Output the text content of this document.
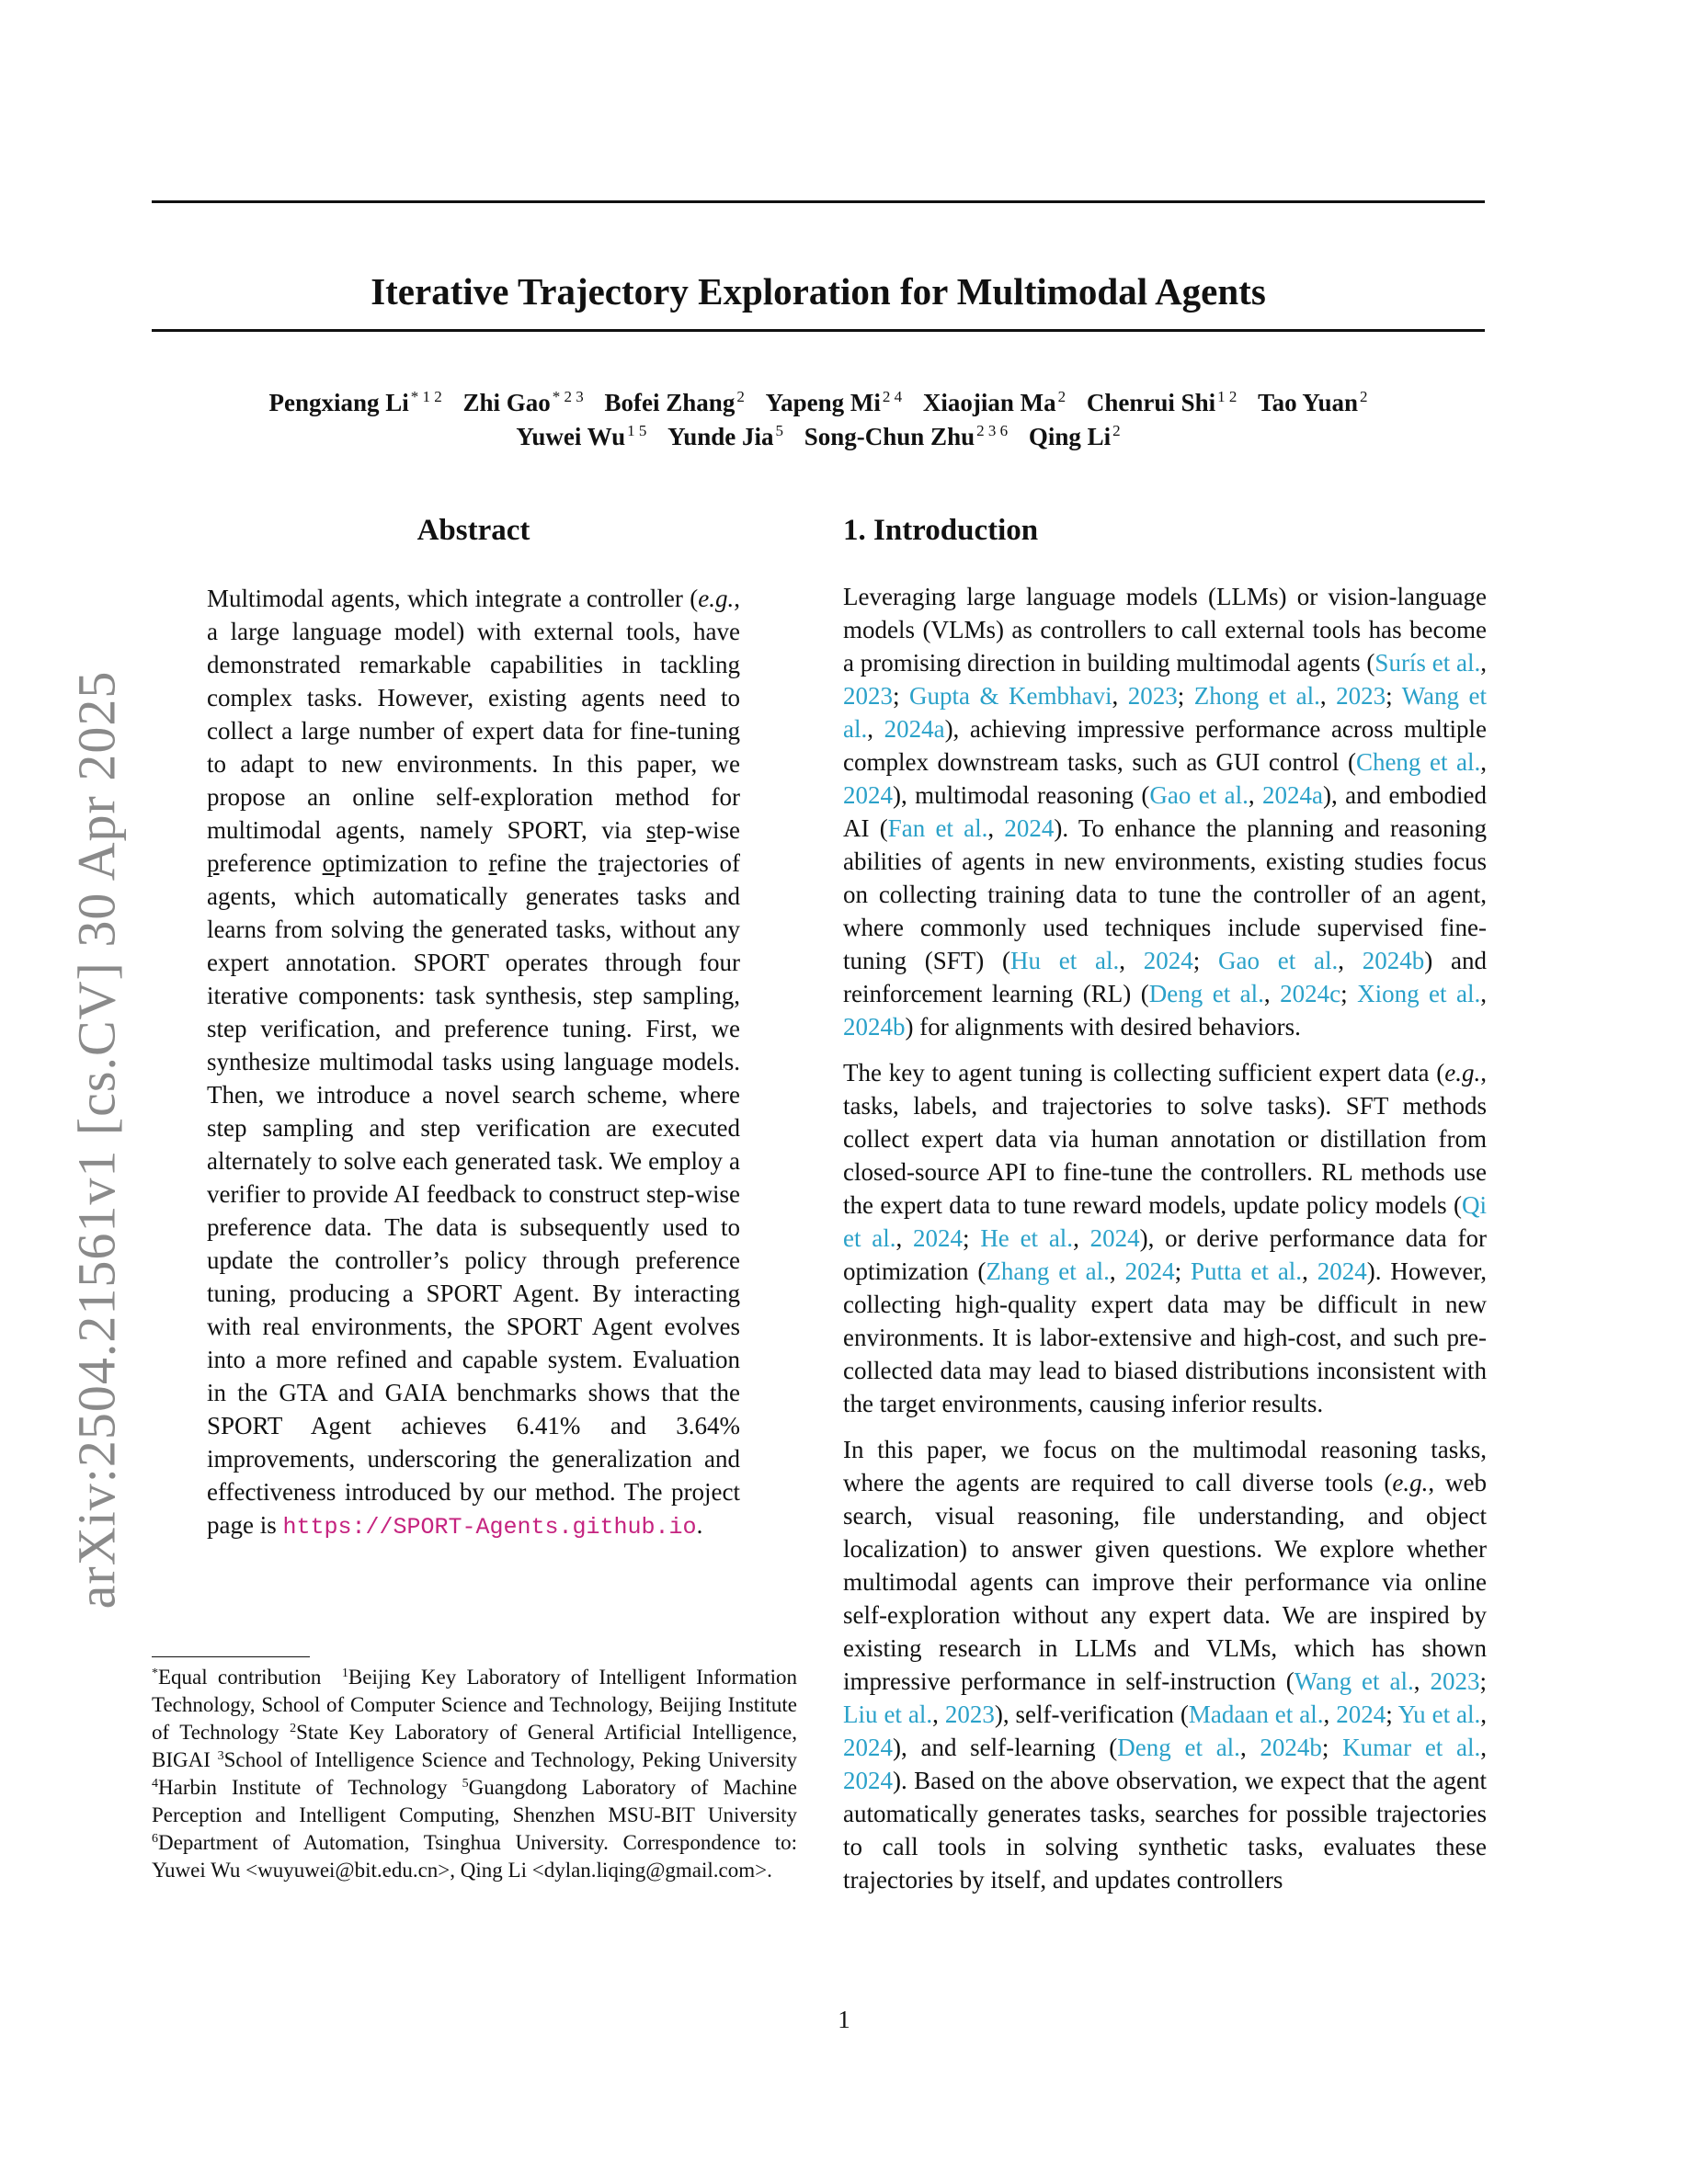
Iterative Trajectory Exploration for Multimodal Agents
Pengxiang Li $^{* 1 2}$ Zhi Gao $^{* 2 3}$ Bofei Zhang $^2$ Yapeng Mi $^{2 4}$ Xiaojian Ma $^2$ Chenrui Shi $^{1 2}$ Tao Yuan $^2$
Yuwei Wu $^{1 5}$ Yunde Jia $^5$ Song-Chun Zhu $^{2 3 6}$ Qing Li $^2$
arXiv:2504.21561v1 [cs.CV] 30 Apr 2025
Abstract

Multimodal agents, which integrate a controller (e.g., a large language model) with external tools, have demonstrated remarkable capabilities in tackling complex tasks. However, existing agents need to collect a large number of expert data for fine-tuning to adapt to new environments. In this paper, we propose an online self-exploration method for multimodal agents, namely SPORT, via step-wise preference optimization to refine the trajectories of agents, which automatically generates tasks and learns from solving the generated tasks, without any expert annotation. SPORT operates through four iterative components: task synthesis, step sampling, step verification, and preference tuning. First, we synthesize multimodal tasks using language models. Then, we introduce a novel search scheme, where step sampling and step verification are executed alternately to solve each generated task. We employ a verifier to provide AI feedback to construct step-wise preference data. The data is subsequently used to update the controller’s policy through preference tuning, producing a SPORT Agent. By interacting with real environments, the SPORT Agent evolves into a more refined and capable system. Evaluation in the GTA and GAIA benchmarks shows that the SPORT Agent achieves 6.41% and 3.64% improvements, underscoring the generalization and effectiveness introduced by our method. The project page is https://SPORT-Agents.github.io.

*Equal contribution $^1$Beijing Key Laboratory of Intelligent Information Technology, School of Computer Science and Technology, Beijing Institute of Technology $^2$State Key Laboratory of General Artificial Intelligence, BIGAI $^3$School of Intelligence Science and Technology, Peking University $^4$Harbin Institute of Technology $^5$Guangdong Laboratory of Machine Perception and Intelligent Computing, Shenzhen MSU-BIT University $^6$Department of Automation, Tsinghua University. Correspondence to: Yuwei Wu <wuyuwei@bit.edu.cn>, Qing Li <dylan.liqing@gmail.com>.

1. Introduction

Leveraging large language models (LLMs) or vision-language models (VLMs) as controllers to call external tools has become a promising direction in building multimodal agents (Surís et al., 2023; Gupta & Kembhavi, 2023; Zhong et al., 2023; Wang et al., 2024a), achieving impressive performance across multiple complex downstream tasks, such as GUI control (Cheng et al., 2024), multimodal reasoning (Gao et al., 2024a), and embodied AI (Fan et al., 2024). To enhance the planning and reasoning abilities of agents in new environments, existing studies focus on collecting training data to tune the controller of an agent, where commonly used techniques include supervised fine-tuning (SFT) (Hu et al., 2024; Gao et al., 2024b) and reinforcement learning (RL) (Deng et al., 2024c; Xiong et al., 2024b) for alignments with desired behaviors.

The key to agent tuning is collecting sufficient expert data (e.g., tasks, labels, and trajectories to solve tasks). SFT methods collect expert data via human annotation or distillation from closed-source API to fine-tune the controllers. RL methods use the expert data to tune reward models, update policy models (Qi et al., 2024; He et al., 2024), or derive performance data for optimization (Zhang et al., 2024; Putta et al., 2024). However, collecting high-quality expert data may be difficult in new environments. It is labor-extensive and high-cost, and such pre-collected data may lead to biased distributions inconsistent with the target environments, causing inferior results.

In this paper, we focus on the multimodal reasoning tasks, where the agents are required to call diverse tools (e.g., web search, visual reasoning, file understanding, and object localization) to answer given questions. We explore whether multimodal agents can improve their performance via online self-exploration without any expert data. We are inspired by existing research in LLMs and VLMs, which has shown impressive performance in self-instruction (Wang et al., 2023; Liu et al., 2023), self-verification (Madaan et al., 2024; Yu et al., 2024), and self-learning (Deng et al., 2024b; Kumar et al., 2024). Based on the above observation, we expect that the agent automatically generates tasks, searches for possible trajectories to call tools in solving synthetic tasks, evaluates these trajectories by itself, and updates controllers

1
